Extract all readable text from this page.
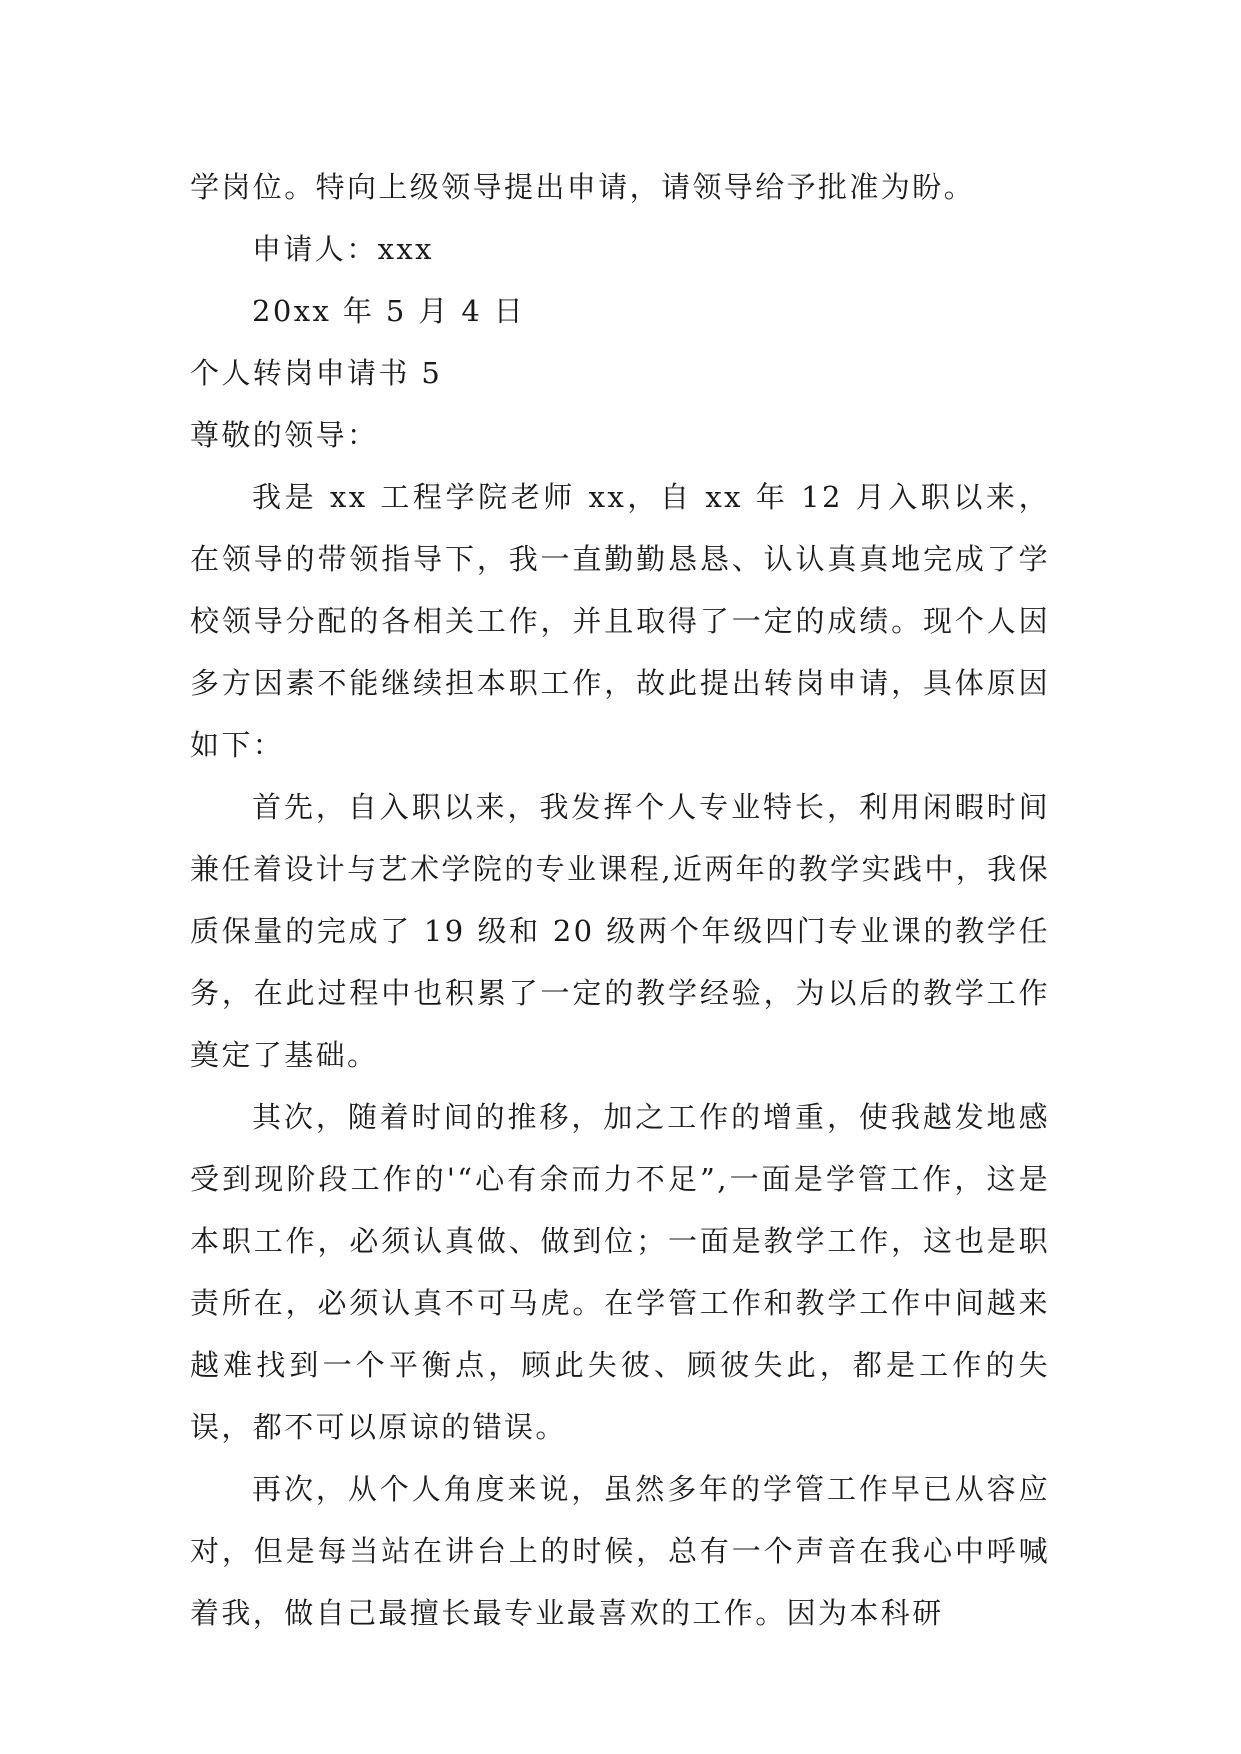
学岗位。特向上级领导提出申请，请领导给予批准为盼。

申请人：xxx

20xx 年 5 月 4 日

个人转岗申请书 5

尊敬的领导：

我是 xx 工程学院老师 xx，自 xx 年 12 月入职以来，在领导的带领指导下，我一直勤勤恳恳、认认真真地完成了学校领导分配的各相关工作，并且取得了一定的成绩。现个人因多方因素不能继续担本职工作，故此提出转岗申请，具体原因如下：

首先，自入职以来，我发挥个人专业特长，利用闲暇时间兼任着设计与艺术学院的专业课程,近两年的教学实践中，我保质保量的完成了 19 级和 20 级两个年级四门专业课的教学任务，在此过程中也积累了一定的教学经验，为以后的教学工作奠定了基础。

其次，随着时间的推移，加之工作的增重，使我越发地感受到现阶段工作的'“心有余而力不足”,一面是学管工作，这是本职工作，必须认真做、做到位；一面是教学工作，这也是职责所在，必须认真不可马虎。在学管工作和教学工作中间越来越难找到一个平衡点，顾此失彼、顾彼失此，都是工作的失误，都不可以原谅的错误。

再次，从个人角度来说，虽然多年的学管工作早已从容应对，但是每当站在讲台上的时候，总有一个声音在我心中呼喊着我，做自己最擅长最专业最喜欢的工作。因为本科研
